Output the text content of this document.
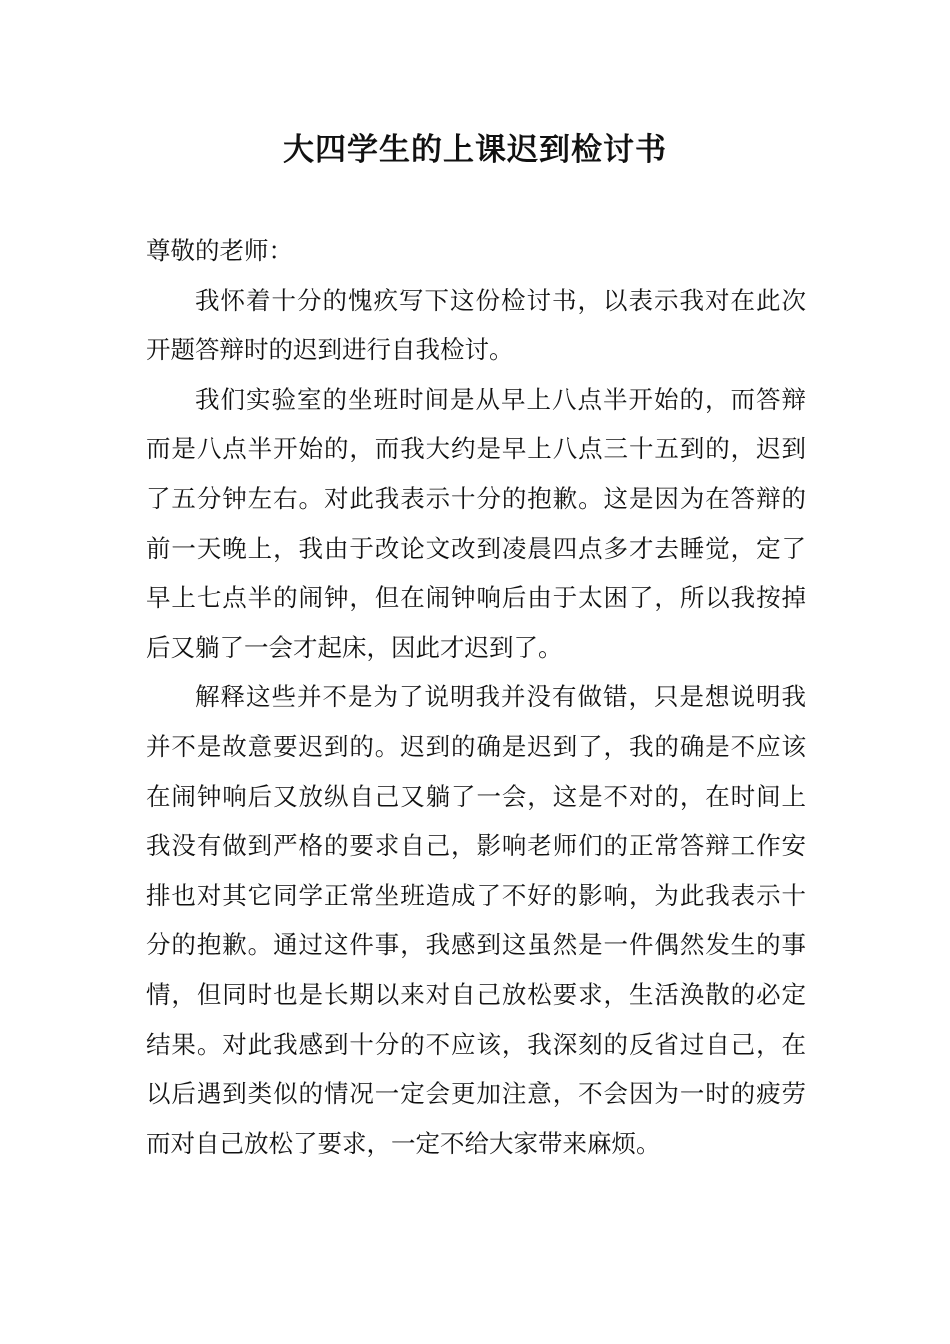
大四学生的上课迟到检讨书

尊敬的老师：

我怀着十分的愧疚写下这份检讨书，以表示我对在此次开题答辩时的迟到进行自我检讨。

我们实验室的坐班时间是从早上八点半开始的，而答辩而是八点半开始的，而我大约是早上八点三十五到的，迟到了五分钟左右。对此我表示十分的抱歉。这是因为在答辩的前一天晚上，我由于改论文改到凌晨四点多才去睡觉，定了早上七点半的闹钟，但在闹钟响后由于太困了，所以我按掉后又躺了一会才起床，因此才迟到了。

解释这些并不是为了说明我并没有做错，只是想说明我并不是故意要迟到的。迟到的确是迟到了，我的确是不应该在闹钟响后又放纵自己又躺了一会，这是不对的，在时间上我没有做到严格的要求自己，影响老师们的正常答辩工作安排也对其它同学正常坐班造成了不好的影响，为此我表示十分的抱歉。通过这件事，我感到这虽然是一件偶然发生的事情，但同时也是长期以来对自己放松要求，生活涣散的必定结果。对此我感到十分的不应该，我深刻的反省过自己，在以后遇到类似的情况一定会更加注意，不会因为一时的疲劳而对自己放松了要求，一定不给大家带来麻烦。
